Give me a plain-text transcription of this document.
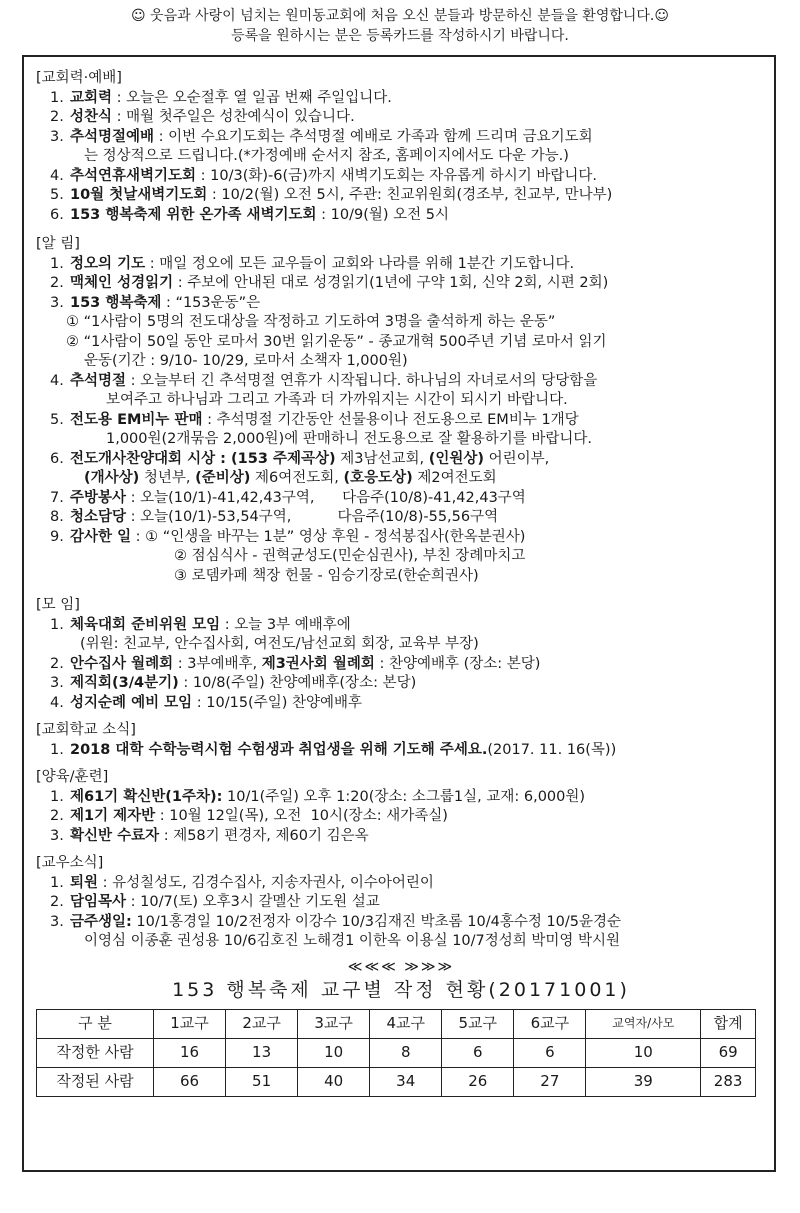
☺ 웃음과 사랑이 넘치는 원미동교회에 처음 오신 분들과 방문하신 분들을 환영합니다.☺
등록을 원하시는 분은 등록카드를 작성하시기 바랍니다.
[교회력·예배]
1. 교회력 : 오늘은 오순절후 열 일곱 번째 주일입니다.
2. 성찬식 : 매월 첫주일은 성찬예식이 있습니다.
3. 추석명절예배 : 이번 수요기도회는 추석명절 예배로 가족과 함께 드리며 금요기도회
는 정상적으로 드립니다.(*가정예배 순서지 참조, 홈페이지에서도 다운 가능.)
4. 추석연휴새벽기도회 : 10/3(화)-6(금)까지 새벽기도회는 자유롭게 하시기 바랍니다.
5. 10월 첫날새벽기도회 : 10/2(월) 오전 5시, 주관: 친교위원회(경조부, 친교부, 만나부)
6. 153 행복축제 위한 온가족 새벽기도회 : 10/9(월) 오전 5시
[알 림]
1. 정오의 기도 : 매일 정오에 모든 교우들이 교회와 나라를 위해 1분간 기도합니다.
2. 맥체인 성경읽기 : 주보에 안내된 대로 성경읽기(1년에 구약 1회, 신약 2회, 시편 2회)
3. 153 행복축제 : “153운동”은
① “1사람이 5명의 전도대상을 작정하고 기도하여 3명을 출석하게 하는 운동”
② “1사람이 50일 동안 로마서 30번 읽기운동” - 종교개혁 500주년 기념 로마서 읽기
운동(기간 : 9/10- 10/29, 로마서 소책자 1,000원)
4. 추석명절 : 오늘부터 긴 추석명절 연휴가 시작됩니다. 하나님의 자녀로서의 당당함을
보여주고 하나님과 그리고 가족과 더 가까워지는 시간이 되시기 바랍니다.
5. 전도용 EM비누 판매 : 추석명절 기간동안 선물용이나 전도용으로 EM비누 1개당
1,000원(2개묶음 2,000원)에 판매하니 전도용으로 잘 활용하기를 바랍니다.
6. 전도개사찬양대회 시상 : (153 주제곡상) 제3남선교회, (인원상) 어린이부,
(개사상) 청년부, (준비상) 제6여전도회, (호응도상) 제2여전도회
7. 주방봉사 : 오늘(10/1)-41,42,43구역,      다음주(10/8)-41,42,43구역
8. 청소담당 : 오늘(10/1)-53,54구역,          다음주(10/8)-55,56구역
9. 감사한 일 : ① “인생을 바꾸는 1분” 영상 후원 - 정석봉집사(한옥분권사)
② 점심식사 - 권혁균성도(민순심권사), 부친 장례마치고
③ 로뎀카페 책장 헌물 - 임승기장로(한순희권사)
[모 임]
1. 체육대회 준비위원 모임 : 오늘 3부 예배후에
(위원: 친교부, 안수집사회, 여전도/남선교회 회장, 교육부 부장)
2. 안수집사 월례회 : 3부예배후, 제3권사회 월례회 : 찬양예배후 (장소: 본당)
3. 제직회(3/4분기) : 10/8(주일) 찬양예배후(장소: 본당)
4. 성지순례 예비 모임 : 10/15(주일) 찬양예배후
[교회학교 소식]
1. 2018 대학 수학능력시험 수험생과 취업생을 위해 기도해 주세요.(2017. 11. 16(목))
[양육/훈련]
1. 제61기 확신반(1주차): 10/1(주일) 오후 1:20(장소: 소그룹1실, 교재: 6,000원)
2. 제1기 제자반 : 10월 12일(목), 오전  10시(장소: 새가족실)
3. 확신반 수료자 : 제58기 편경자, 제60기 김은옥
[교우소식]
1. 퇴원 : 유성칠성도, 김경수집사, 지송자권사, 이수아어린이
2. 담임목사 : 10/7(토) 오후3시 갈멜산 기도원 설교
3. 금주생일: 10/1홍경일 10/2전정자 이강수 10/3김재진 박초롬 10/4홍수정 10/5윤경순
이영심 이종훈 권성용 10/6김호진 노해경1 이한옥 이용실 10/7정성희 박미영 박시원
≪≪≪ ≫≫≫
153 행복축제 교구별 작정 현황(20171001)
구 분	1교구	2교구	3교구	4교구	5교구	6교구	교역자/사모	합계
작정한 사람	16	13	10	8	6	6	10	69
작정된 사람	66	51	40	34	26	27	39	283
